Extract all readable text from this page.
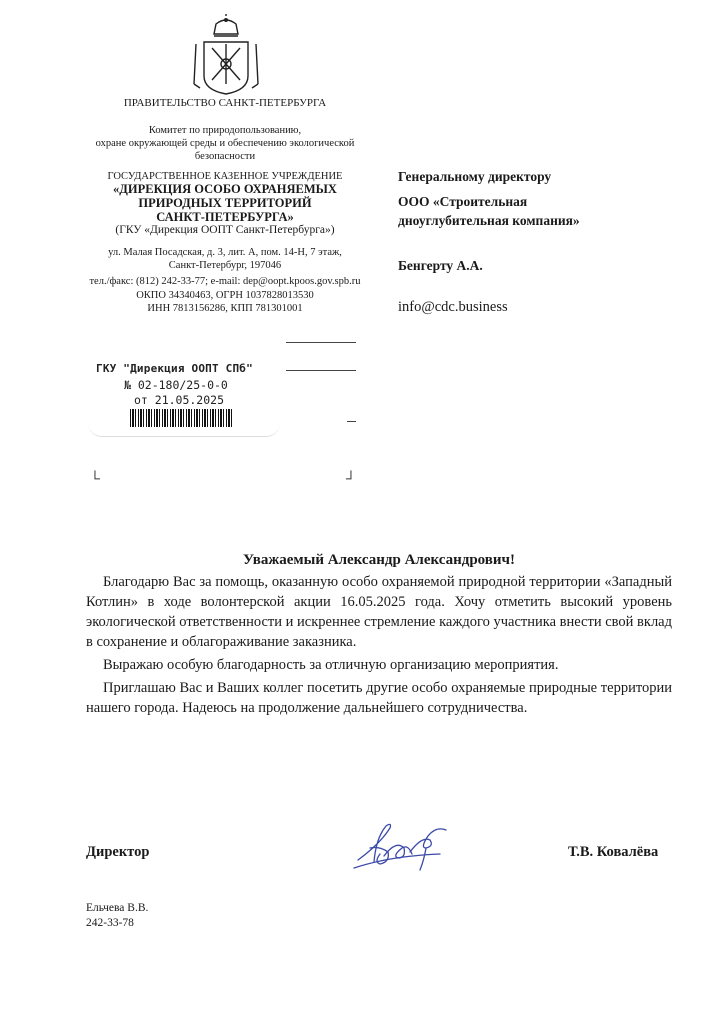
ПРАВИТЕЛЬСТВО САНКТ-ПЕТЕРБУРГА
Комитет по природопользованию,
охране окружающей среды и обеспечению экологической
безопасности
ГОСУДАРСТВЕННОЕ КАЗЕННОЕ УЧРЕЖДЕНИЕ
«ДИРЕКЦИЯ ОСОБО ОХРАНЯЕМЫХ
ПРИРОДНЫХ ТЕРРИТОРИЙ
САНКТ-ПЕТЕРБУРГА»
(ГКУ «Дирекция ООПТ Санкт-Петербурга»)
ул. Малая Посадская, д. 3, лит. А, пом. 14-Н, 7 этаж,
Санкт-Петербург, 197046
тел./факс: (812) 242-33-77; e-mail: dep@oopt.kpoos.gov.spb.ru
ОКПО 34340463, ОГРН 1037828013530
ИНН 7813156286, КПП 781301001
ГКУ "Дирекция ООПТ СПб"
№ 02-180/25-0-0
от 21.05.2025
└	┘
Генеральному директору
ООО «Строительная
дноуглубительная компания»
Бенгерту А.А.
info@cdc.business
Уважаемый Александр Александрович!
Благодарю Вас за помощь, оказанную особо охраняемой природной территории «Западный Котлин» в ходе волонтерской акции 16.05.2025 года. Хочу отметить высокий уровень экологической ответственности и искреннее стремление каждого участника внести свой вклад в сохранение и облагораживание заказника.
Выражаю особую благодарность за отличную организацию мероприятия.
Приглашаю Вас и Ваших коллег посетить другие особо охраняемые природные территории нашего города. Надеюсь на продолжение дальнейшего сотрудничества.
Директор	Т.В. Ковалёва
Ельчева В.В.
242-33-78
